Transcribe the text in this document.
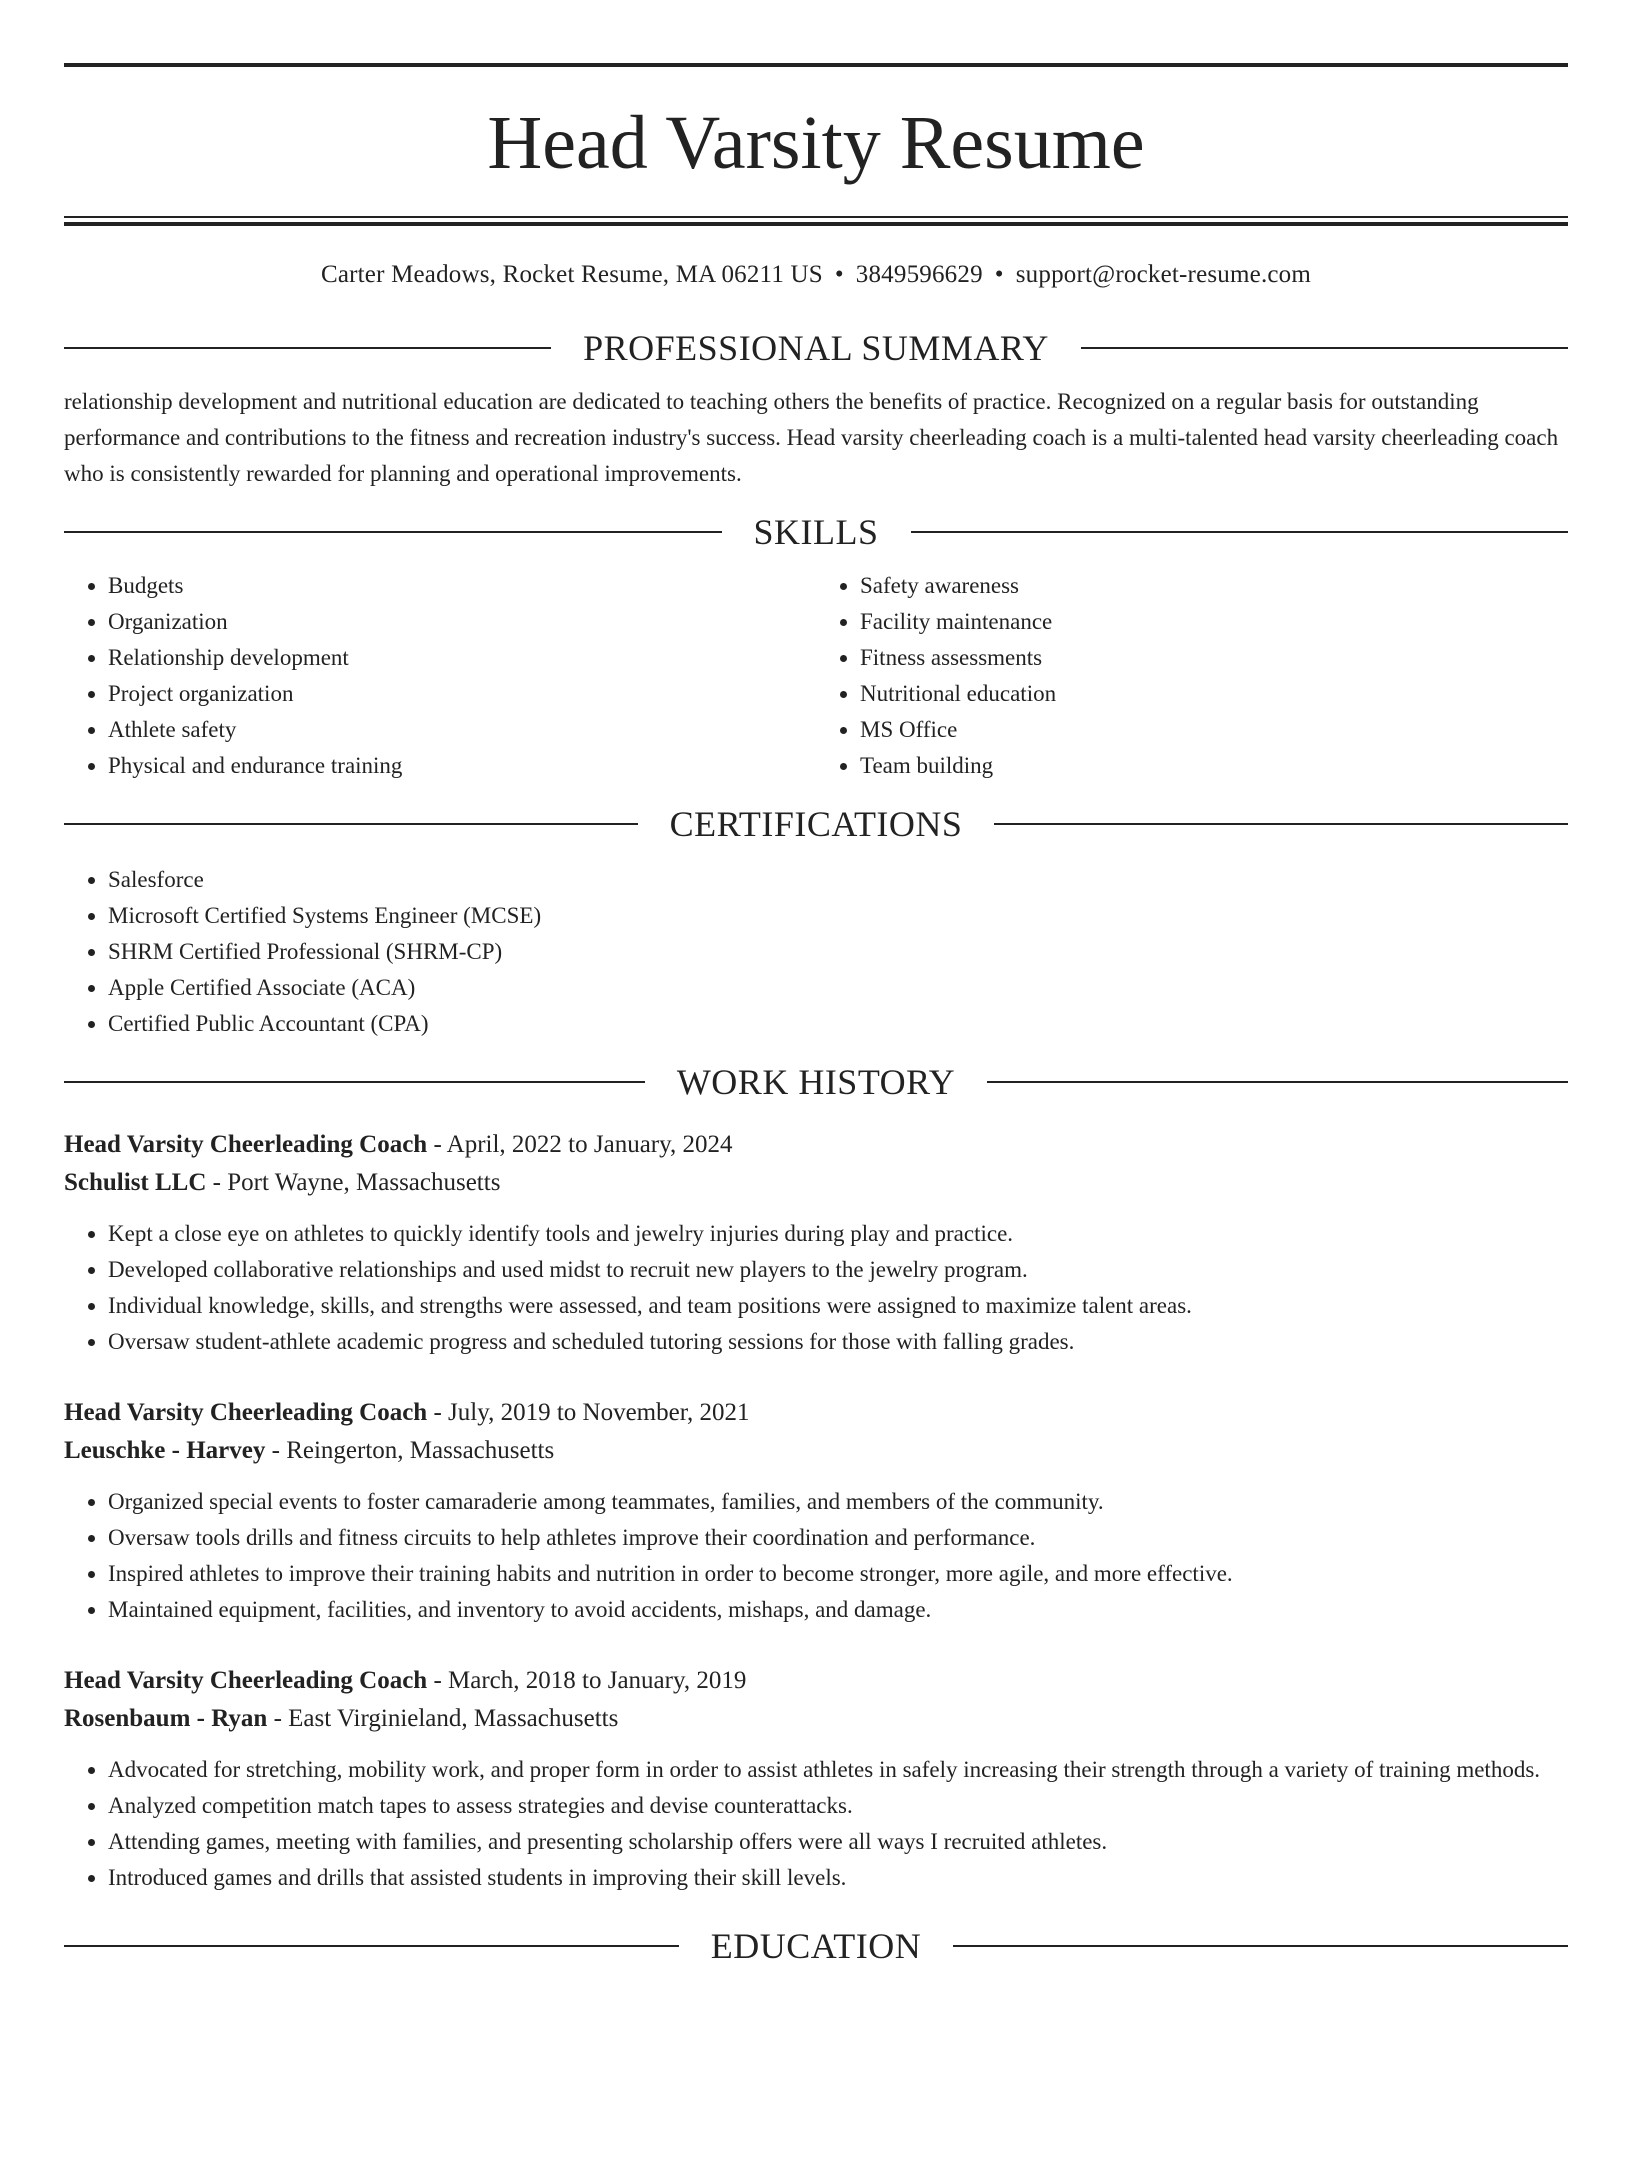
Head Varsity Resume
Carter Meadows, Rocket Resume, MA 06211 US • 3849596629 • support@rocket-resume.com
PROFESSIONAL SUMMARY
relationship development and nutritional education are dedicated to teaching others the benefits of practice. Recognized on a regular basis for outstanding performance and contributions to the fitness and recreation industry's success. Head varsity cheerleading coach is a multi-talented head varsity cheerleading coach who is consistently rewarded for planning and operational improvements.
SKILLS
• Budgets
• Organization
• Relationship development
• Project organization
• Athlete safety
• Physical and endurance training
• Safety awareness
• Facility maintenance
• Fitness assessments
• Nutritional education
• MS Office
• Team building
CERTIFICATIONS
• Salesforce
• Microsoft Certified Systems Engineer (MCSE)
• SHRM Certified Professional (SHRM-CP)
• Apple Certified Associate (ACA)
• Certified Public Accountant (CPA)
WORK HISTORY
Head Varsity Cheerleading Coach - April, 2022 to January, 2024
Schulist LLC - Port Wayne, Massachusetts
• Kept a close eye on athletes to quickly identify tools and jewelry injuries during play and practice.
• Developed collaborative relationships and used midst to recruit new players to the jewelry program.
• Individual knowledge, skills, and strengths were assessed, and team positions were assigned to maximize talent areas.
• Oversaw student-athlete academic progress and scheduled tutoring sessions for those with falling grades.
Head Varsity Cheerleading Coach - July, 2019 to November, 2021
Leuschke - Harvey - Reingerton, Massachusetts
• Organized special events to foster camaraderie among teammates, families, and members of the community.
• Oversaw tools drills and fitness circuits to help athletes improve their coordination and performance.
• Inspired athletes to improve their training habits and nutrition in order to become stronger, more agile, and more effective.
• Maintained equipment, facilities, and inventory to avoid accidents, mishaps, and damage.
Head Varsity Cheerleading Coach - March, 2018 to January, 2019
Rosenbaum - Ryan - East Virginieland, Massachusetts
• Advocated for stretching, mobility work, and proper form in order to assist athletes in safely increasing their strength through a variety of training methods.
• Analyzed competition match tapes to assess strategies and devise counterattacks.
• Attending games, meeting with families, and presenting scholarship offers were all ways I recruited athletes.
• Introduced games and drills that assisted students in improving their skill levels.
EDUCATION
